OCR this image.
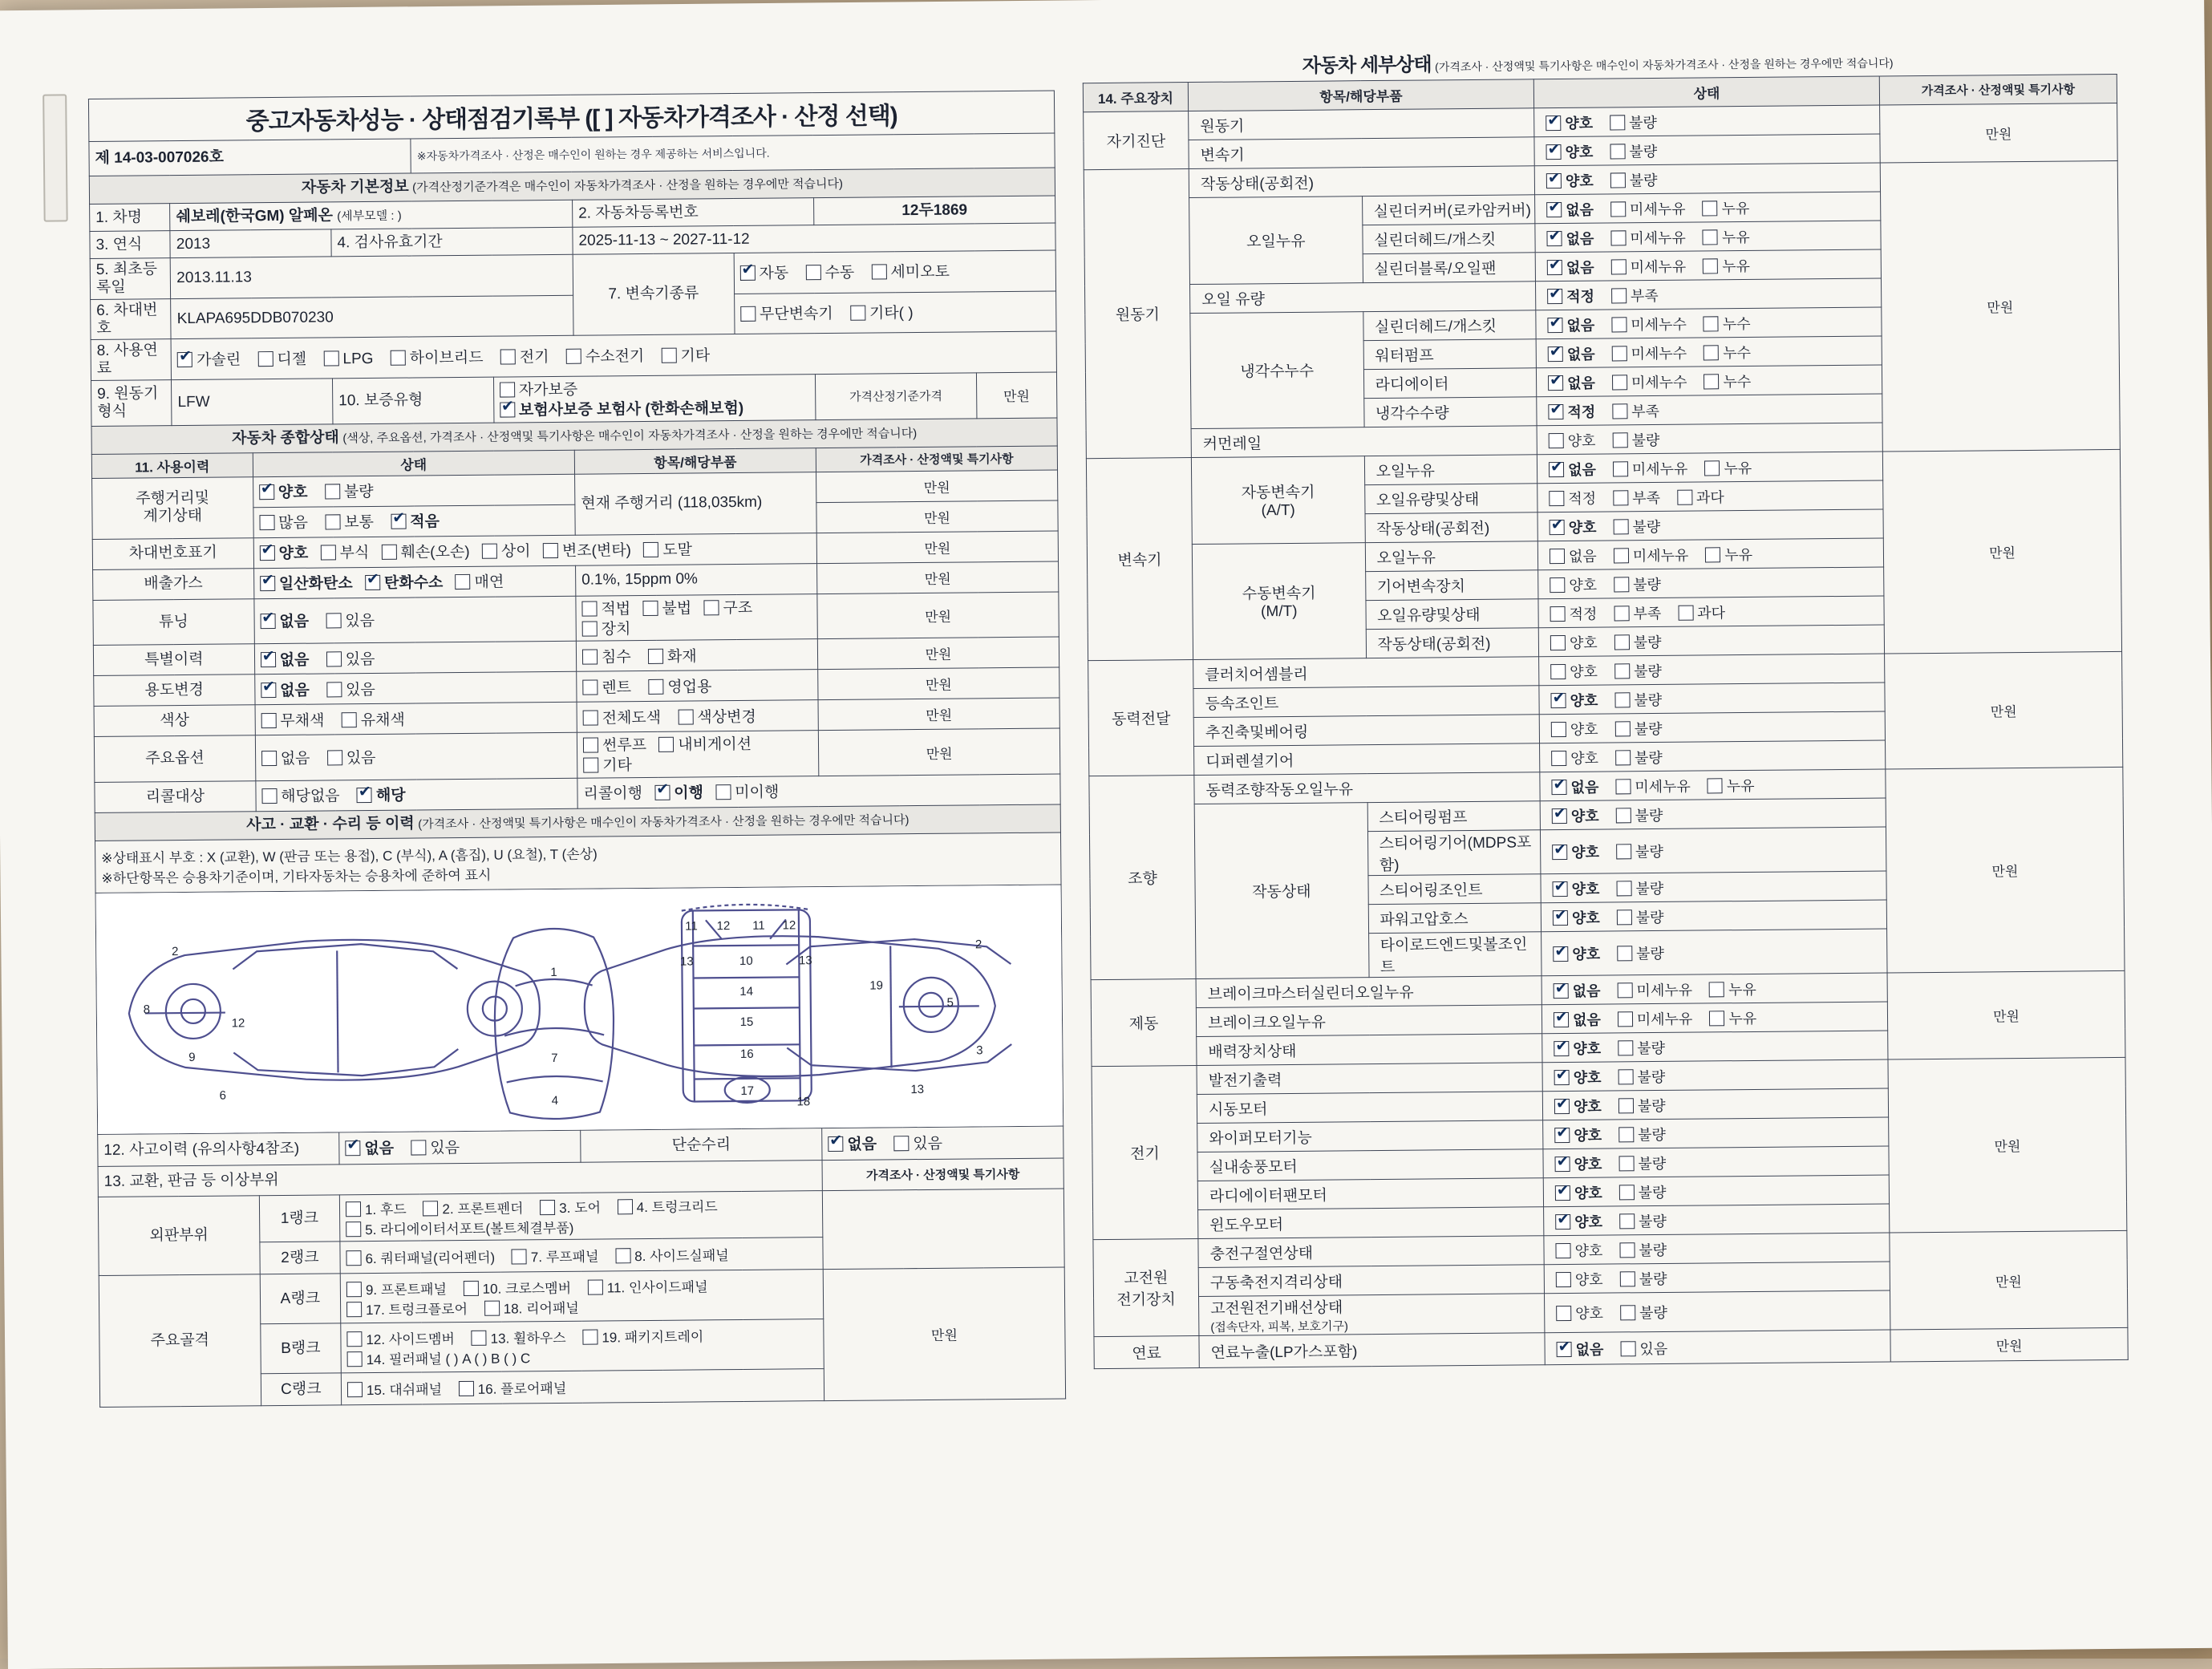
중고자동차성능 · 상태점검기록부 ([ ] 자동차가격조사 · 산정 선택)									

제 14-03-007026호				※자동차가격조사 · 산정은 매수인이 원하는 경우 제공하는 서비스입니다.					
자동차 기본정보 (가격산정기준가격은 매수인이 자동차가격조사 · 산정을 원하는 경우에만 적습니다)									
1. 차명	쉐보레(한국GM) 알페온 (세부모델 : )					2. 자동차등록번호		12두1869	
3. 연식	2013		4. 검사유효기간			2025-11-13 ~ 2027-11-12			
5. 최초등록일	2013.11.13					7. 변속기종류	✔자동 수동 세미오토
6. 차대번호	KLAPA695DDB070230						무단변속기 기타( )		
8. 사용연료	✔가솔린 디젤 LPG 하이브리드 전기 수소전기 기타
9. 원동기형식	LFW		10. 보증유형		자가보증 ✔보험사보증 보험사 (한화손해보험)			가격산정기준가격	만원
자동차 종합상태 (색상, 주요옵션, 가격조사 · 산정액및 특기사항은 매수인이 자동차가격조사 · 산정을 원하는 경우에만 적습니다)									
11. 사용이력		상태				항목/해당부품		가격조사 · 산정액및 특기사항	
주행거리및
계기상태	✔양호 불량				현재 주행거리 (118,035km)		만원	
		많음 보통 ✔ 적음						만원	
차대번호표기	✔양호 부식 훼손(오손) 상이 변조(변타) 도말						만원	
배출가스	✔일산화탄소 ✔ 탄화수소 매연				0.1%, 15ppm 0%		만원	
튜닝	✔없음 있음				적법 불법 구조 장치		만원	
특별이력	✔없음 있음				침수 화재		만원	
용도변경	✔없음 있음				렌트 영업용		만원	
색상		무채색 유채색				전체도색 색상변경		만원	
주요옵션		없음 있음				썬루프 내비게이션 기타		만원	
리콜대상		해당없음 ✔ 해당				리콜이행 ✔ 이행 미이행
사고 · 교환 · 수리 등 이력 (가격조사 · 산정액및 특기사항은 매수인이 자동차가격조사 · 산정을 원하는 경우에만 적습니다)									

※상태표시 부호 : X (교환), W (판금 또는 용접), C (부식), A (흠집), U (요철), T (손상)
※하단항목은 승용차기준이며, 기타자동차는 승용차에 준하여 표시									

2
8
9
12
6
1
7
4
11 12 11 12
13	10	13
14
15
16
17
18
2
5
3
19
13

12. 사고이력 (유의사항4참조)	✔없음 있음			단순수리	✔없음 있음
13. 교환, 판금 등 이상부위								가격조사 · 산정액및 특기사항	
외판부위		1랭크	1. 후드 2. 프론트펜더 3. 도어 4. 트렁크리드
5. 라디에이터서포트(볼트체결부품)						

		2랭크	6. 쿼터패널(리어펜더) 7. 루프패널 8. 사이드실패널						
주요골격		A랭크	9. 프론트패널 10. 크로스멤버 11. 인사이드패널
17. 트렁크플로어 18. 리어패널					만원	
		B랭크	12. 사이드멤버 13. 휠하우스 19. 패키지트레이
14. 필러패널 ( ) A ( ) B ( ) C						

		C랭크	15. 대쉬패널 16. 플로어패널						
자동차 세부상태 (가격조사 · 산정액및 특기사항은 매수인이 자동차가격조사 · 산정을 원하는 경우에만 적습니다)
14. 주요장치	항목/해당부품		상태	가격조사 · 산정액및 특기사항
자기진단	원동기	✔양호 불량	만원
	변속기	✔양호 불량
원동기	작동상태(공회전)	✔양호 불량	만원
	오일누유	실린더커버(로카암커버)	✔없음 미세누유 누유
		실린더헤드/개스킷	✔없음 미세누유 누유
		실린더블록/오일팬	✔없음 미세누유 누유
	오일 유량	✔적정 부족
	냉각수누수	실린더헤드/개스킷	✔없음 미세누수 누수
		워터펌프	✔없음 미세누수 누수
		라디에이터	✔없음 미세누수 누수
		냉각수수량	✔적정 부족
	커먼레일		양호 불량	
변속기	자동변속기
(A/T)	오일누유	✔없음 미세누유 누유	만원
		오일유량및상태	적정 부족 과다	
		작동상태(공회전)	✔양호 불량
	수동변속기
(M/T)	오일누유	없음 미세누유 누유	
		기어변속장치	양호 불량	
		오일유량및상태	적정 부족 과다	
		작동상태(공회전)	양호 불량	
동력전달	클러치어셈블리		양호 불량	만원
	등속조인트	✔양호 불량
	추진축및베어링		양호 불량	
	디퍼렌셜기어		양호 불량	
조향	동력조향작동오일누유	✔없음 미세누유 누유	만원
	작동상태	스티어링펌프	✔양호 불량
		스티어링기어(MDPS포함)	✔양호 불량
		스티어링조인트	✔양호 불량
		파워고압호스	✔양호 불량
		타이로드엔드및볼조인트	✔양호 불량
제동	브레이크마스터실린더오일누유	✔없음 미세누유 누유	만원
	브레이크오일누유	✔없음 미세누유 누유
	배력장치상태	✔양호 불량
전기	발전기출력	✔양호 불량	만원
	시동모터	✔양호 불량
	와이퍼모터기능	✔양호 불량
	실내송풍모터	✔양호 불량
	라디에이터팬모터	✔양호 불량
	윈도우모터	✔양호 불량
고전원
전기장치	충전구절연상태		양호 불량	만원
	구동축전지격리상태		양호 불량	

	고전원전기배선상태
(접속단자, 피복, 보호기구)		양호 불량	
연료	연료누출(LP가스포함)	✔없음 있음	만원
